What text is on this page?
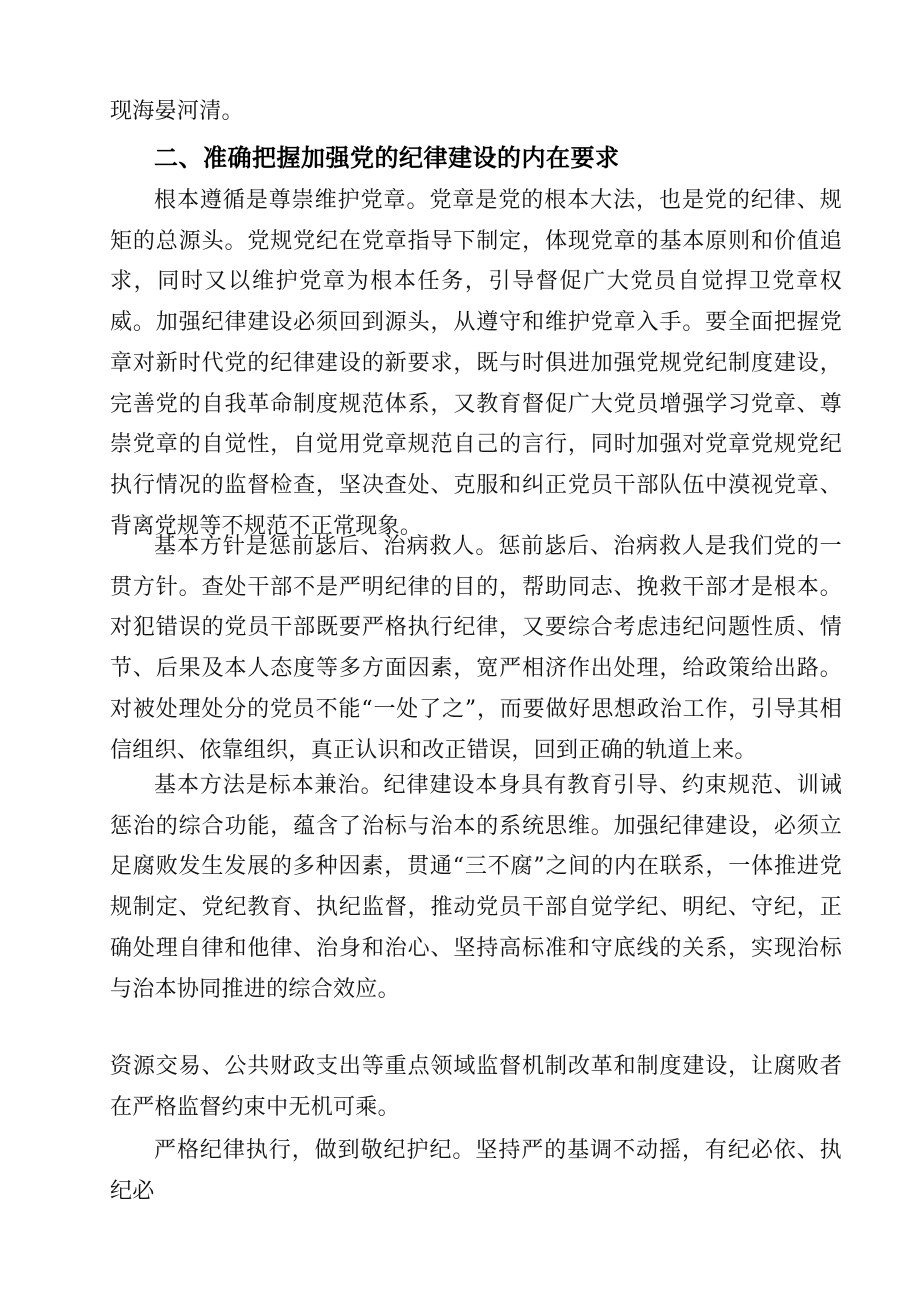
现海晏河清。

二、准确把握加强党的纪律建设的内在要求

根本遵循是尊崇维护党章。党章是党的根本大法，也是党的纪律、规矩的总源头。党规党纪在党章指导下制定，体现党章的基本原则和价值追求，同时又以维护党章为根本任务，引导督促广大党员自觉捍卫党章权威。加强纪律建设必须回到源头，从遵守和维护党章入手。要全面把握党章对新时代党的纪律建设的新要求，既与时俱进加强党规党纪制度建设，完善党的自我革命制度规范体系，又教育督促广大党员增强学习党章、尊崇党章的自觉性，自觉用党章规范自己的言行，同时加强对党章党规党纪执行情况的监督检查，坚决查处、克服和纠正党员干部队伍中漠视党章、背离党规等不规范不正常现象。

基本方针是惩前毖后、治病救人。惩前毖后、治病救人是我们党的一贯方针。查处干部不是严明纪律的目的，帮助同志、挽救干部才是根本。对犯错误的党员干部既要严格执行纪律，又要综合考虑违纪问题性质、情节、后果及本人态度等多方面因素，宽严相济作出处理，给政策给出路。对被处理处分的党员不能“一处了之”，而要做好思想政治工作，引导其相信组织、依靠组织，真正认识和改正错误，回到正确的轨道上来。

基本方法是标本兼治。纪律建设本身具有教育引导、约束规范、训诫惩治的综合功能，蕴含了治标与治本的系统思维。加强纪律建设，必须立足腐败发生发展的多种因素，贯通“三不腐”之间的内在联系，一体推进党规制定、党纪教育、执纪监督，推动党员干部自觉学纪、明纪、守纪，正确处理自律和他律、治身和治心、坚持高标准和守底线的关系，实现治标与治本协同推进的综合效应。

资源交易、公共财政支出等重点领域监督机制改革和制度建设，让腐败者在严格监督约束中无机可乘。

严格纪律执行，做到敬纪护纪。坚持严的基调不动摇，有纪必依、执纪必
